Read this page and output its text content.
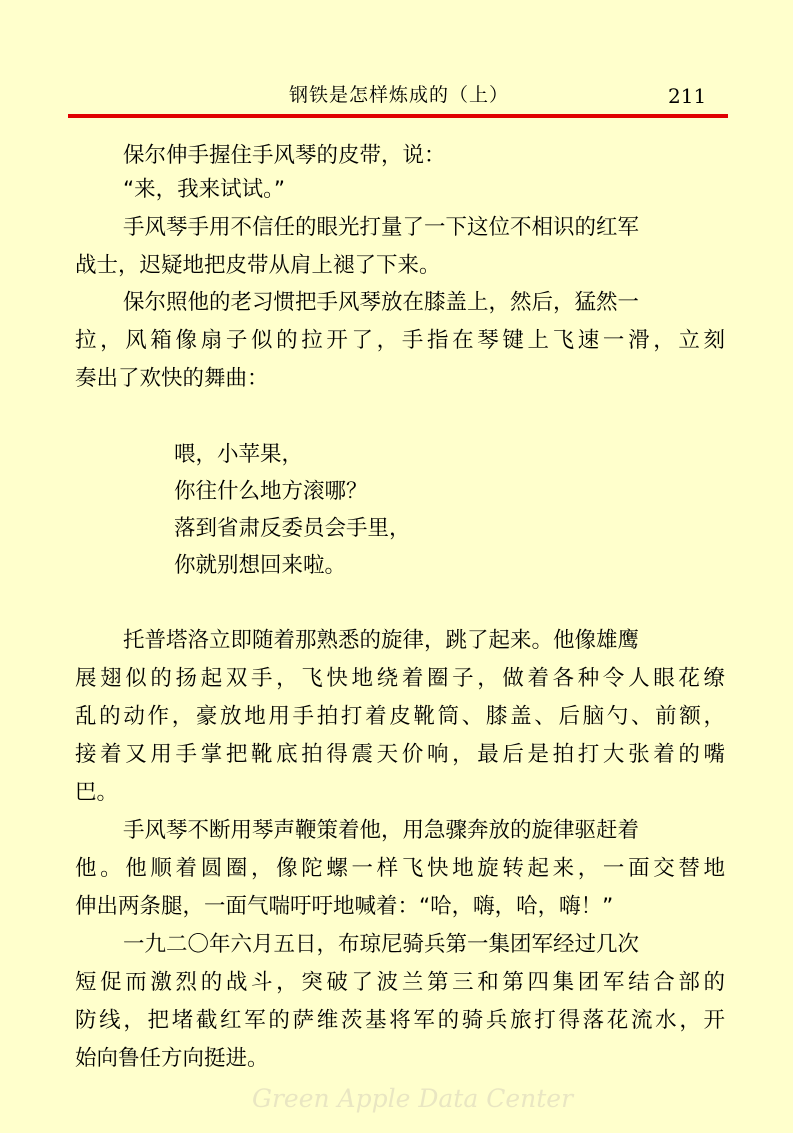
钢铁是怎样炼成的（上）	211
保尔伸手握住手风琴的皮带，说：
“来，我来试试。”
手风琴手用不信任的眼光打量了一下这位不相识的红军
战士，迟疑地把皮带从肩上褪了下来。
保尔照他的老习惯把手风琴放在膝盖上，然后，猛然一
拉，风箱像扇子似的拉开了，手指在琴键上飞速一滑，立刻
奏出了欢快的舞曲：
喂，小苹果，
你往什么地方滚哪？
落到省肃反委员会手里，
你就别想回来啦。
托普塔洛立即随着那熟悉的旋律，跳了起来。他像雄鹰
展翅似的扬起双手，飞快地绕着圈子，做着各种令人眼花缭
乱的动作，豪放地用手拍打着皮靴筒、膝盖、后脑勺、前额，
接着又用手掌把靴底拍得震天价响，最后是拍打大张着的嘴
巴。
手风琴不断用琴声鞭策着他，用急骤奔放的旋律驱赶着
他。他顺着圆圈，像陀螺一样飞快地旋转起来，一面交替地
伸出两条腿，一面气喘吁吁地喊着：“哈，嗨，哈，嗨！”
一九二〇年六月五日，布琼尼骑兵第一集团军经过几次
短促而激烈的战斗，突破了波兰第三和第四集团军结合部的
防线，把堵截红军的萨维茨基将军的骑兵旅打得落花流水，开
始向鲁任方向挺进。
Green Apple Data Center
